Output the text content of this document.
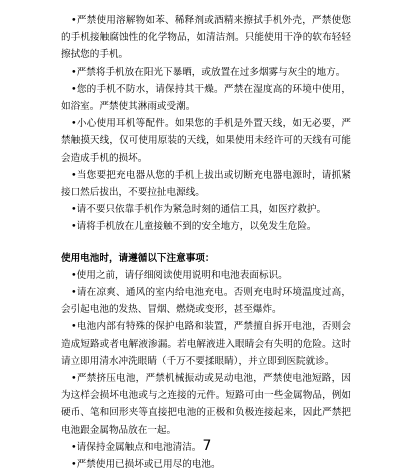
•严禁使用溶解物如苯、稀释剂或酒精来擦拭手机外壳，严禁使您的手机接触腐蚀性的化学物品，如清洁剂。只能使用干净的软布轻轻擦拭您的手机。
•严禁将手机放在阳光下暴晒，或放置在过多烟雾与灰尘的地方。
•您的手机不防水，请保持其干燥。严禁在湿度高的环境中使用，如浴室。严禁使其淋雨或受潮。
•小心使用耳机等配件。如果您的手机是外置天线，如无必要，严禁触摸天线，仅可使用原装的天线，如果使用未经许可的天线有可能会造成手机的损坏。
•当您要把充电器从您的手机上拔出或切断充电器电源时，请抓紧接口然后拔出，不要拉扯电源线。
•请不要只依靠手机作为紧急时刻的通信工具，如医疗救护。
•请将手机放在儿童接触不到的安全地方，以免发生危险。
使用电池时，请遵循以下注意事项：
•使用之前，请仔细阅读使用说明和电池表面标识。
•请在凉爽、通风的室内给电池充电。否则充电时环境温度过高，会引起电池的发热、冒烟、燃烧或变形，甚至爆炸。
•电池内部有特殊的保护电路和装置，严禁擅自拆开电池，否则会造成短路或者电解液渗漏。若电解液进入眼睛会有失明的危险。这时请立即用清水冲洗眼睛（千万不要揉眼睛），并立即到医院就诊。
•严禁挤压电池，严禁机械振动或晃动电池，严禁使电池短路，因为这样会损坏电池或与之连接的元件。短路可由一些金属物品，例如硬币、笔和回形夹等直接把电池的正极和负极连接起来，因此严禁把电池跟金属物品放在一起。
•请保持金属触点和电池清洁。
•严禁使用已损坏或已用尽的电池。
7
